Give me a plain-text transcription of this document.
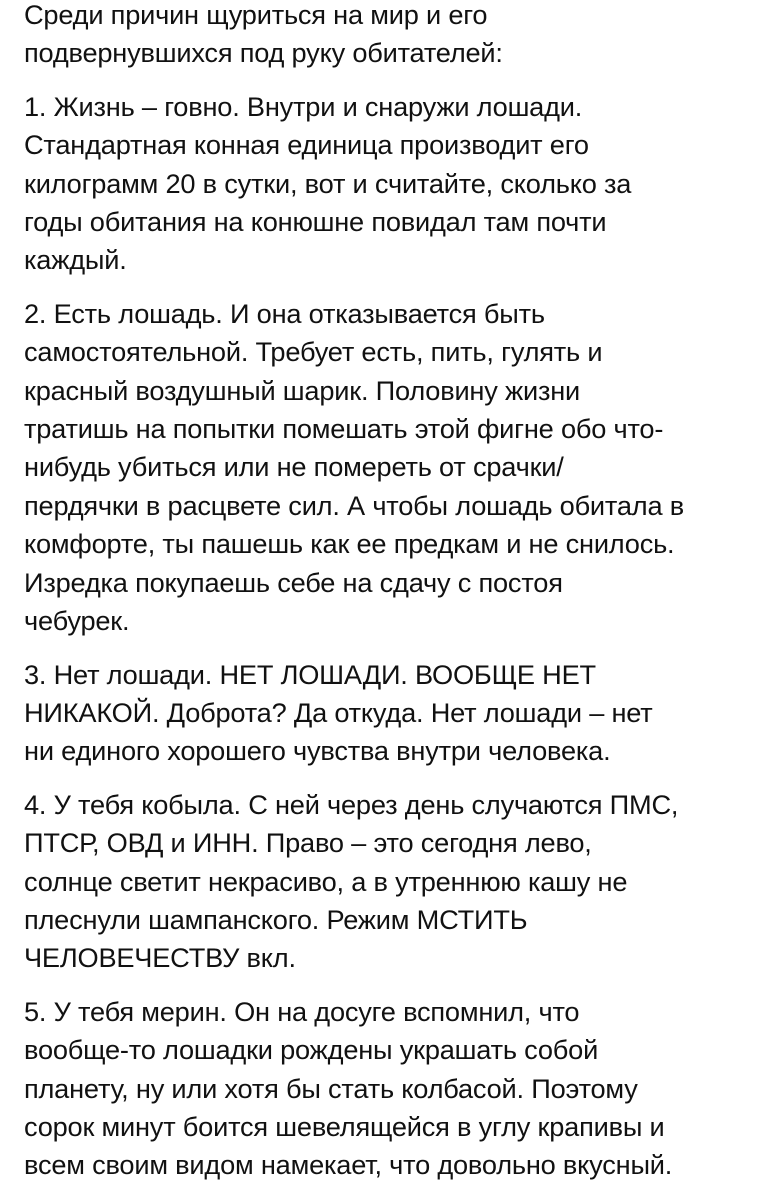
Среди причин щуриться на мир и его
подвернувшихся под руку обитателей:

1. Жизнь – говно. Внутри и снаружи лошади.
Стандартная конная единица производит его
килограмм 20 в сутки, вот и считайте, сколько за
годы обитания на конюшне повидал там почти
каждый.

2. Есть лошадь. И она отказывается быть
самостоятельной. Требует есть, пить, гулять и
красный воздушный шарик. Половину жизни
тратишь на попытки помешать этой фигне обо что-
нибудь убиться или не помереть от срачки/
пердячки в расцвете сил. А чтобы лошадь обитала в
комфорте, ты пашешь как ее предкам и не снилось.
Изредка покупаешь себе на сдачу с постоя
чебурек.

3. Нет лошади. НЕТ ЛОШАДИ. ВООБЩЕ НЕТ
НИКАКОЙ. Доброта? Да откуда. Нет лошади – нет
ни единого хорошего чувства внутри человека.

4. У тебя кобыла. С ней через день случаются ПМС,
ПТСР, ОВД и ИНН. Право – это сегодня лево,
солнце светит некрасиво, а в утреннюю кашу не
плеснули шампанского. Режим МСТИТЬ
ЧЕЛОВЕЧЕСТВУ вкл.

5. У тебя мерин. Он на досуге вспомнил, что
вообще-то лошадки рождены украшать собой
планету, ну или хотя бы стать колбасой. Поэтому
сорок минут боится шевелящейся в углу крапивы и
всем своим видом намекает, что довольно вкусный.
